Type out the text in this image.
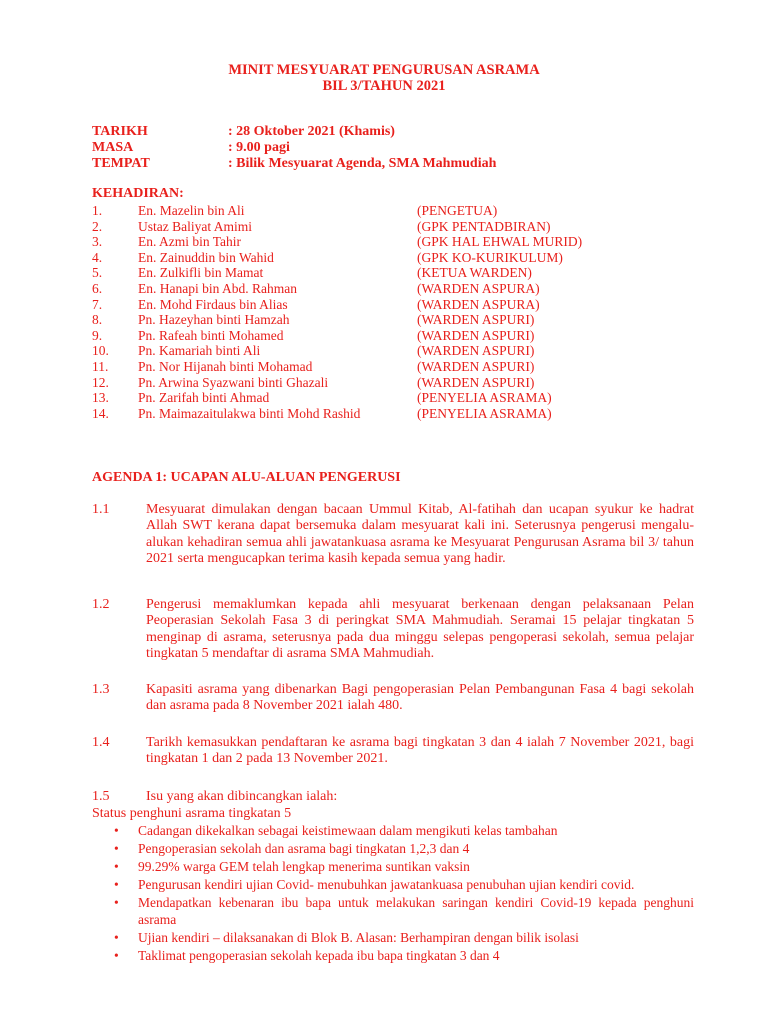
MINIT MESYUARAT PENGURUSAN ASRAMA
BIL 3/TAHUN 2021
TARIKH	: 28 Oktober 2021 (Khamis)
MASA	: 9.00 pagi
TEMPAT	: Bilik Mesyuarat Agenda, SMA Mahmudiah
KEHADIRAN:
1.	En. Mazelin bin Ali	(PENGETUA)
2.	Ustaz Baliyat Amimi	(GPK PENTADBIRAN)
3.	En. Azmi bin Tahir	(GPK HAL EHWAL MURID)
4.	En. Zainuddin bin Wahid	(GPK KO-KURIKULUM)
5.	En. Zulkifli bin Mamat	(KETUA WARDEN)
6.	En. Hanapi bin Abd. Rahman	(WARDEN ASPURA)
7.	En. Mohd Firdaus bin Alias	(WARDEN ASPURA)
8.	Pn. Hazeyhan binti Hamzah	(WARDEN ASPURI)
9.	Pn. Rafeah binti Mohamed	(WARDEN ASPURI)
10. Pn. Kamariah binti Ali	(WARDEN ASPURI)
11. Pn. Nor Hijanah binti Mohamad	(WARDEN ASPURI)
12. Pn. Arwina Syazwani binti Ghazali	(WARDEN ASPURI)
13. Pn. Zarifah binti Ahmad	(PENYELIA ASRAMA)
14. Pn. Maimazaitulakwa binti Mohd Rashid	(PENYELIA ASRAMA)
AGENDA 1: UCAPAN ALU-ALUAN PENGERUSI
1.1	Mesyuarat dimulakan dengan bacaan Ummul Kitab, Al-fatihah dan ucapan syukur ke hadrat Allah SWT kerana dapat bersemuka dalam mesyuarat kali ini. Seterusnya pengerusi mengalu-alukan kehadiran semua ahli jawatankuasa asrama ke Mesyuarat Pengurusan Asrama bil 3/ tahun 2021 serta mengucapkan terima kasih kepada semua yang hadir.
1.2	Pengerusi memaklumkan kepada ahli mesyuarat berkenaan dengan pelaksanaan Pelan Peoperasian Sekolah Fasa 3 di peringkat SMA Mahmudiah. Seramai 15 pelajar tingkatan 5 menginap di asrama, seterusnya pada dua minggu selepas pengoperasi sekolah, semua pelajar tingkatan 5 mendaftar di asrama SMA Mahmudiah.
1.3	Kapasiti asrama yang dibenarkan Bagi pengoperasian Pelan Pembangunan Fasa 4 bagi sekolah dan asrama pada 8 November 2021 ialah 480.
1.4	Tarikh kemasukkan pendaftaran ke asrama bagi tingkatan 3 dan 4 ialah 7 November 2021, bagi tingkatan 1 dan 2 pada 13 November 2021.
1.5	Isu yang akan dibincangkan ialah:
Status penghuni asrama tingkatan 5
• Cadangan dikekalkan sebagai keistimewaan dalam mengikuti kelas tambahan
• Pengoperasian sekolah dan asrama bagi tingkatan 1,2,3 dan 4
• 99.29% warga GEM telah lengkap menerima suntikan vaksin
• Pengurusan kendiri ujian Covid- menubuhkan jawatankuasa penubuhan ujian kendiri covid.
• Mendapatkan kebenaran ibu bapa untuk melakukan saringan kendiri Covid-19 kepada penghuni asrama
• Ujian kendiri – dilaksanakan di Blok B. Alasan: Berhampiran dengan bilik isolasi
• Taklimat pengoperasian sekolah kepada ibu bapa tingkatan 3 dan 4
